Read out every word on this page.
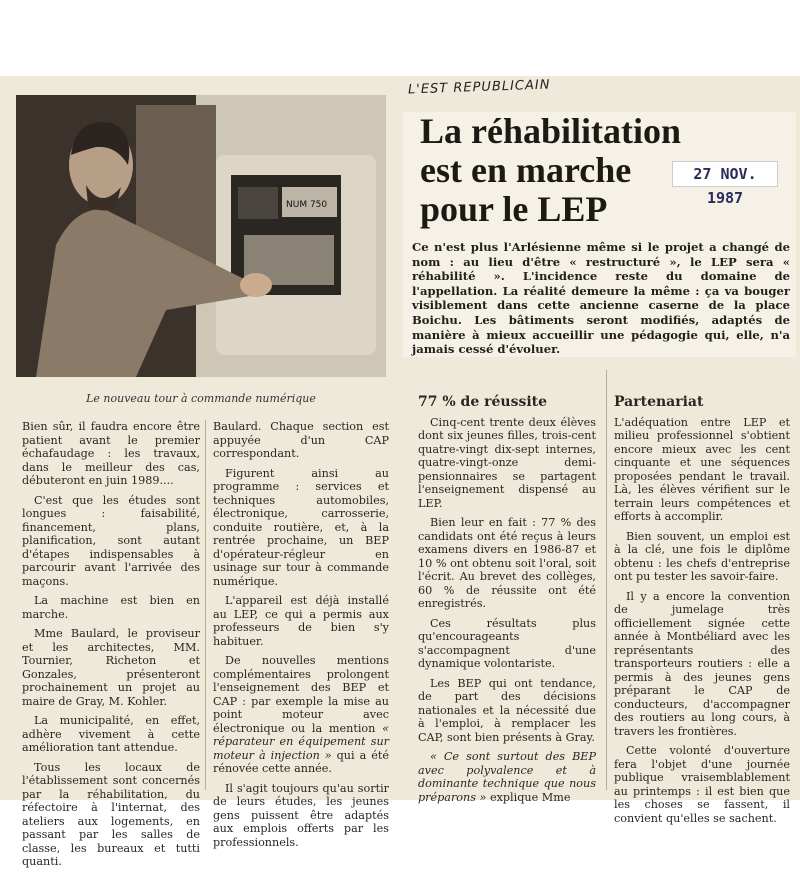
L'EST REPUBLICAIN
NUM 750
Le nouveau tour à commande numérique
La réhabilitation
est en marche
pour le LEP
27 NOV. 1987
Ce n'est plus l'Arlésienne même si le projet a changé de nom : au lieu d'être « restructuré », le LEP sera « réhabilité ». L'incidence reste du domaine de l'appellation. La réalité demeure la même : ça va bouger visiblement dans cette ancienne caserne de la place Boichu. Les bâtiments seront modifiés, adaptés de manière à mieux accueillir une pédagogie qui, elle, n'a jamais cessé d'évoluer.

Bien sûr, il faudra encore être patient avant le premier échafaudage : les travaux, dans le meilleur des cas, débuteront en juin 1989....

C'est que les études sont longues : faisabilité, financement, plans, planification, sont autant d'étapes indispensables à parcourir avant l'arrivée des maçons.

La machine est bien en marche.

Mme Baulard, le proviseur et les architectes, MM. Tournier, Richeton et Gonzales, présenteront prochainement un projet au maire de Gray, M. Kohler.

La municipalité, en effet, adhère vivement à cette amélioration tant attendue.

Tous les locaux de l'établissement sont concernés par la réhabilitation, du réfectoire à l'internat, des ateliers aux logements, en passant par les salles de classe, les bureaux et tutti quanti.

Baulard. Chaque section est appuyée d'un CAP correspondant.

Figurent ainsi au programme : services et techniques automobiles, électronique, carrosserie, conduite routière, et, à la rentrée prochaine, un BEP d'opérateur-régleur en usinage sur tour à commande numérique.

L'appareil est déjà installé au LEP, ce qui a permis aux professeurs de bien s'y habituer.

De nouvelles mentions complémentaires prolongent l'enseignement des BEP et CAP : par exemple la mise au point moteur avec électronique ou la mention « réparateur en équipement sur moteur à injection » qui a été rénovée cette année.

Il s'agit toujours qu'au sortir de leurs études, les jeunes gens puissent être adaptés aux emplois offerts par les professionnels.

77 % de réussite

Cinq-cent trente deux élèves dont six jeunes filles, trois-cent quatre-vingt dix-sept internes, quatre-vingt-onze demi-pensionnaires se partagent l'enseignement dispensé au LEP.

Bien leur en fait : 77 % des candidats ont été reçus à leurs examens divers en 1986-87 et 10 % ont obtenu soit l'oral, soit l'écrit. Au brevet des collèges, 60 % de réussite ont été enregistrés.

Ces résultats plus qu'encourageants s'accompagnent d'une dynamique volontariste.

Les BEP qui ont tendance, de part des décisions nationales et la nécessité due à l'emploi, à remplacer les CAP, sont bien présents à Gray.

« Ce sont surtout des BEP avec polyvalence et à dominante technique que nous préparons » explique Mme

Partenariat

L'adéquation entre LEP et milieu professionnel s'obtient encore mieux avec les cent cinquante et une séquences proposées pendant le travail. Là, les élèves vérifient sur le terrain leurs compétences et efforts à accomplir.

Bien souvent, un emploi est à la clé, une fois le diplôme obtenu : les chefs d'entreprise ont pu tester les savoir-faire.

Il y a encore la convention de jumelage très officiellement signée cette année à Montbéliard avec les représentants des transporteurs routiers : elle a permis à des jeunes gens préparant le CAP de conducteurs, d'accompagner des routiers au long cours, à travers les frontières.

Cette volonté d'ouverture fera l'objet d'une journée publique vraisemblablement au printemps : il est bien que les choses se fassent, il convient qu'elles se sachent.
